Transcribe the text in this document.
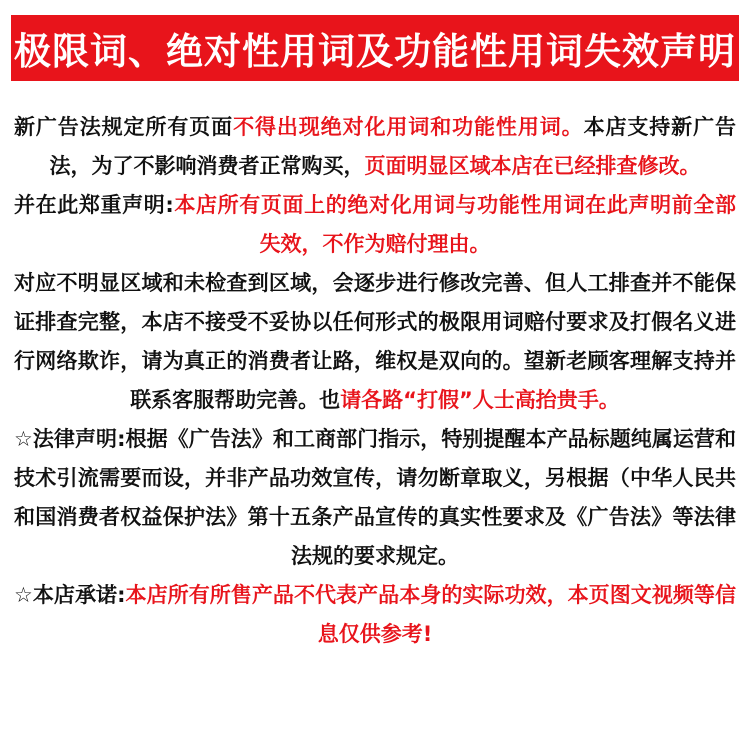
极限词、绝对性用词及功能性用词失效声明

新广告法规定所有页面不得出现绝对化用词和功能性用词。本店支持新广告法，为了不影响消费者正常购买，页面明显区域本店在已经排查修改。

并在此郑重声明:本店所有页面上的绝对化用词与功能性用词在此声明前全部失效，不作为赔付理由。

对应不明显区域和未检查到区域，会逐步进行修改完善、但人工排查并不能保证排查完整，本店不接受不妥协以任何形式的极限用词赔付要求及打假名义进行网络欺诈，请为真正的消费者让路，维权是双向的。望新老顾客理解支持并联系客服帮助完善。也请各路“打假”人士高抬贵手。

☆法律声明:根据《广告法》和工商部门指示，特别提醒本产品标题纯属运营和技术引流需要而设，并非产品功效宣传，请勿断章取义，另根据（中华人民共和国消费者权益保护法》第十五条产品宣传的真实性要求及《广告法》等法律法规的要求规定。

☆本店承诺:本店所有所售产品不代表产品本身的实际功效，本页图文视频等信息仅供参考!
